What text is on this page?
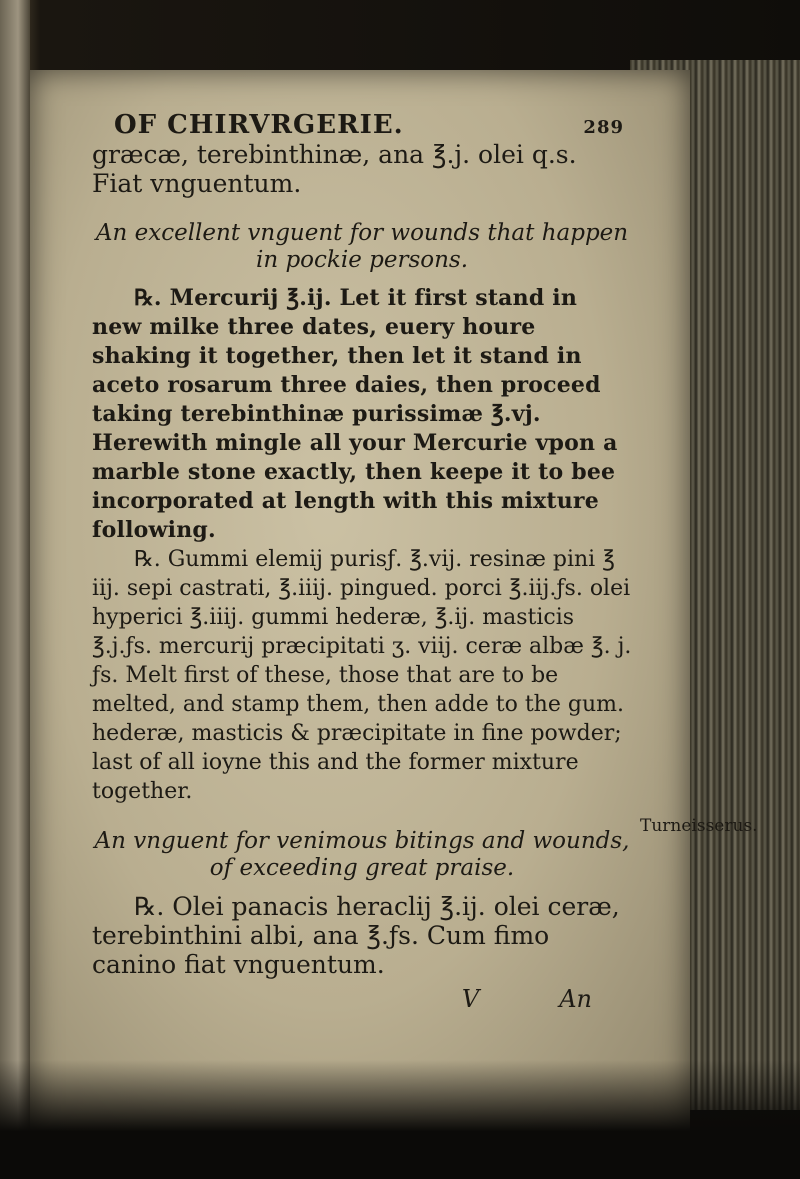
OF CHIRVRGERIE.	289

græcæ, terebinthinæ, ana ℥.j. olei q.s. Fiat vnguentum.

An excellent vnguent for wounds that happen in pockie persons.

℞. Mercurij ℥.ij. Let it first stand in new milke three dates, euery houre shaking it together, then let it stand in aceto rosarum three daies, then proceed taking terebinthinæ purissimæ ℥.vj. Herewith mingle all your Mercurie vpon a marble stone exactly, then keepe it to bee incorporated at length with this mixture following.

℞. Gummi elemij purisƒ. ℥.vij. resinæ pini ℥ iij. sepi castrati, ℥.iiij. pingued. porci ℥.iij.ƒs. olei hyperici ℥.iiij. gummi hederæ, ℥.ij. masticis ℥.j.ƒs. mercurij præcipitati ʒ. viij. ceræ albæ ℥. j. ƒs. Melt first of these, those that are to be melted, and stamp them, then adde to the gum. hederæ, masticis & præcipitate in fine powder; last of all ioyne this and the former mixture together.

An vnguent for venimous bitings and wounds, of exceeding great praise.

℞. Olei panacis heraclij ℥.ij. olei ceræ, terebinthini albi, ana ℥.ƒs. Cum fimo canino fiat vnguentum.

V	An
Turneisserus.
